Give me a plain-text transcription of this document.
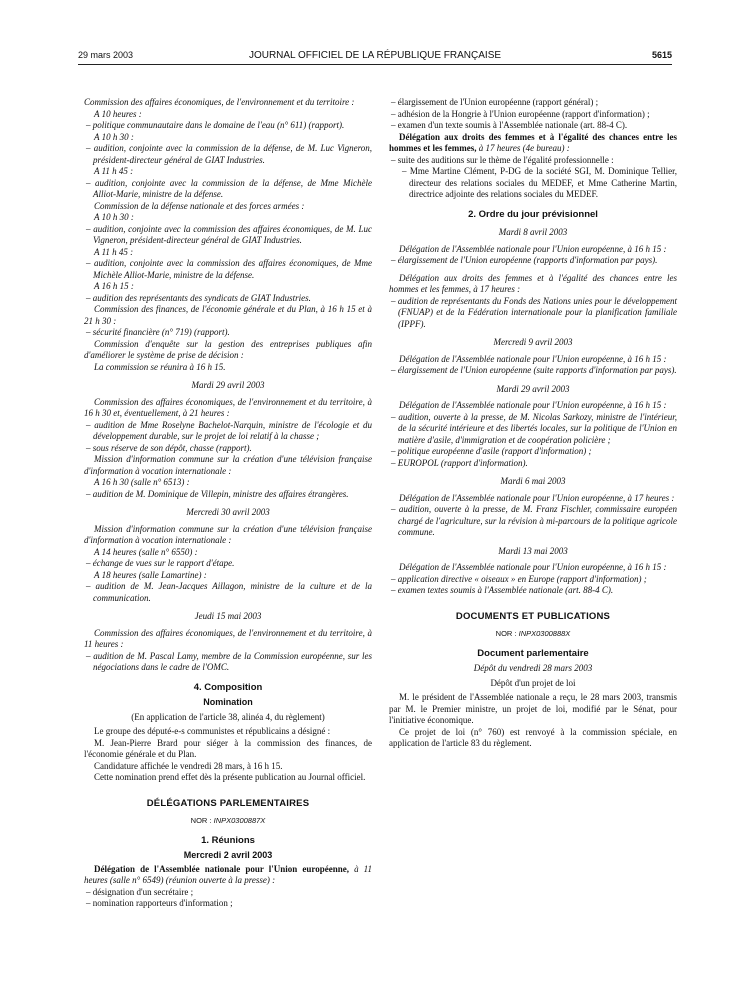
29 mars 2003	JOURNAL OFFICIEL DE LA RÉPUBLIQUE FRANÇAISE	5615

Commission des affaires économiques, de l'environnement et du territoire :

A 10 heures :

– politique communautaire dans le domaine de l'eau (n° 611) (rapport).

A 10 h 30 :

– audition, conjointe avec la commission de la défense, de M. Luc Vigneron, président-directeur général de GIAT Industries.

A 11 h 45 :

– audition, conjointe avec la commission de la défense, de Mme Michèle Alliot-Marie, ministre de la défense.

Commission de la défense nationale et des forces armées :

A 10 h 30 :

– audition, conjointe avec la commission des affaires économiques, de M. Luc Vigneron, président-directeur général de GIAT Industries.

A 11 h 45 :

– audition, conjointe avec la commission des affaires économiques, de Mme Michèle Alliot-Marie, ministre de la défense.

A 16 h 15 :

– audition des représentants des syndicats de GIAT Industries.

Commission des finances, de l'économie générale et du Plan, à 16 h 15 et à 21 h 30 :

– sécurité financière (n° 719) (rapport).

Commission d'enquête sur la gestion des entreprises publiques afin d'améliorer le système de prise de décision :

La commission se réunira à 16 h 15.

Mardi 29 avril 2003

Commission des affaires économiques, de l'environnement et du territoire, à 16 h 30 et, éventuellement, à 21 heures :

– audition de Mme Roselyne Bachelot-Narquin, ministre de l'écologie et du développement durable, sur le projet de loi relatif à la chasse ;

– sous réserve de son dépôt, chasse (rapport).

Mission d'information commune sur la création d'une télévision française d'information à vocation internationale :

A 16 h 30 (salle n° 6513) :

– audition de M. Dominique de Villepin, ministre des affaires étrangères.

Mercredi 30 avril 2003

Mission d'information commune sur la création d'une télévision française d'information à vocation internationale :

A 14 heures (salle n° 6550) :

– échange de vues sur le rapport d'étape.

A 18 heures (salle Lamartine) :

– audition de M. Jean-Jacques Aillagon, ministre de la culture et de la communication.

Jeudi 15 mai 2003

Commission des affaires économiques, de l'environnement et du territoire, à 11 heures :

– audition de M. Pascal Lamy, membre de la Commission européenne, sur les négociations dans le cadre de l'OMC.

4. Composition

Nomination

(En application de l'article 38, alinéa 4, du règlement)

Le groupe des député-e-s communistes et républicains a désigné :

M. Jean-Pierre Brard pour siéger à la commission des finances, de l'économie générale et du Plan.

Candidature affichée le vendredi 28 mars, à 16 h 15.

Cette nomination prend effet dès la présente publication au Journal officiel.

DÉLÉGATIONS PARLEMENTAIRES

NOR : INPX0300887X

1. Réunions

Mercredi 2 avril 2003

Délégation de l'Assemblée nationale pour l'Union européenne, à 11 heures (salle n° 6549) (réunion ouverte à la presse) :

– désignation d'un secrétaire ;

– nomination rapporteurs d'information ;

– élargissement de l'Union européenne (rapport général) ;

– adhésion de la Hongrie à l'Union européenne (rapport d'information) ;

– examen d'un texte soumis à l'Assemblée nationale (art. 88-4 C).

Délégation aux droits des femmes et à l'égalité des chances entre les hommes et les femmes, à 17 heures (4e bureau) :

– suite des auditions sur le thème de l'égalité professionnelle :

– Mme Martine Clément, P-DG de la société SGI, M. Dominique Tellier, directeur des relations sociales du MEDEF, et Mme Catherine Martin, directrice adjointe des relations sociales du MEDEF.

2. Ordre du jour prévisionnel

Mardi 8 avril 2003

Délégation de l'Assemblée nationale pour l'Union européenne, à 16 h 15 :

– élargissement de l'Union européenne (rapports d'information par pays).

Délégation aux droits des femmes et à l'égalité des chances entre les hommes et les femmes, à 17 heures :

– audition de représentants du Fonds des Nations unies pour le développement (FNUAP) et de la Fédération internationale pour la planification familiale (IPPF).

Mercredi 9 avril 2003

Délégation de l'Assemblée nationale pour l'Union européenne, à 16 h 15 :

– élargissement de l'Union européenne (suite rapports d'information par pays).

Mardi 29 avril 2003

Délégation de l'Assemblée nationale pour l'Union européenne, à 16 h 15 :

– audition, ouverte à la presse, de M. Nicolas Sarkozy, ministre de l'intérieur, de la sécurité intérieure et des libertés locales, sur la politique de l'Union en matière d'asile, d'immigration et de coopération policière ;

– politique européenne d'asile (rapport d'information) ;

– EUROPOL (rapport d'information).

Mardi 6 mai 2003

Délégation de l'Assemblée nationale pour l'Union européenne, à 17 heures :

– audition, ouverte à la presse, de M. Franz Fischler, commissaire européen chargé de l'agriculture, sur la révision à mi-parcours de la politique agricole commune.

Mardi 13 mai 2003

Délégation de l'Assemblée nationale pour l'Union européenne, à 16 h 15 :

– application directive « oiseaux » en Europe (rapport d'information) ;

– examen textes soumis à l'Assemblée nationale (art. 88-4 C).

DOCUMENTS ET PUBLICATIONS

NOR : INPX0300888X

Document parlementaire

Dépôt du vendredi 28 mars 2003

Dépôt d'un projet de loi

M. le président de l'Assemblée nationale a reçu, le 28 mars 2003, transmis par M. le Premier ministre, un projet de loi, modifié par le Sénat, pour l'initiative économique.

Ce projet de loi (n° 760) est renvoyé à la commission spéciale, en application de l'article 83 du règlement.
